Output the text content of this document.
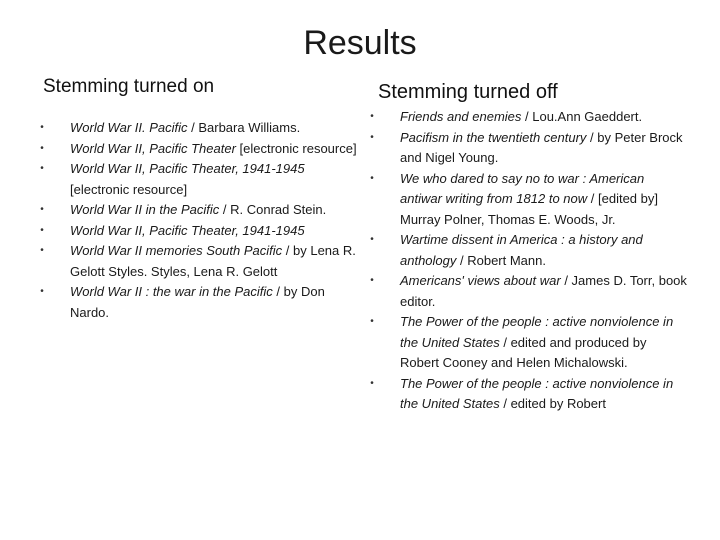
Results
Stemming turned on	Stemming turned off
•	World War II. Pacific / Barbara Williams.
•	World War II, Pacific Theater [electronic resource]
•	World War II, Pacific Theater, 1941-1945 [electronic resource]
•	World War II in the Pacific / R. Conrad Stein.
•	World War II, Pacific Theater, 1941-1945
•	World War II memories South Pacific / by Lena R. Gelott Styles. Styles, Lena R. Gelott
•	World War II : the war in the Pacific / by Don Nardo.
•	Friends and enemies / Lou.Ann Gaeddert.
•	Pacifism in the twentieth century / by Peter Brock and Nigel Young.
•	We who dared to say no to war : American antiwar writing from 1812 to now / [edited by] Murray Polner, Thomas E. Woods, Jr.
•	Wartime dissent in America : a history and anthology / Robert Mann.
•	Americans' views about war / James D. Torr, book editor.
•	The Power of the people : active nonviolence in the United States / edited and produced by Robert Cooney and Helen Michalowski.
•	The Power of the people : active nonviolence in the United States / edited by Robert
